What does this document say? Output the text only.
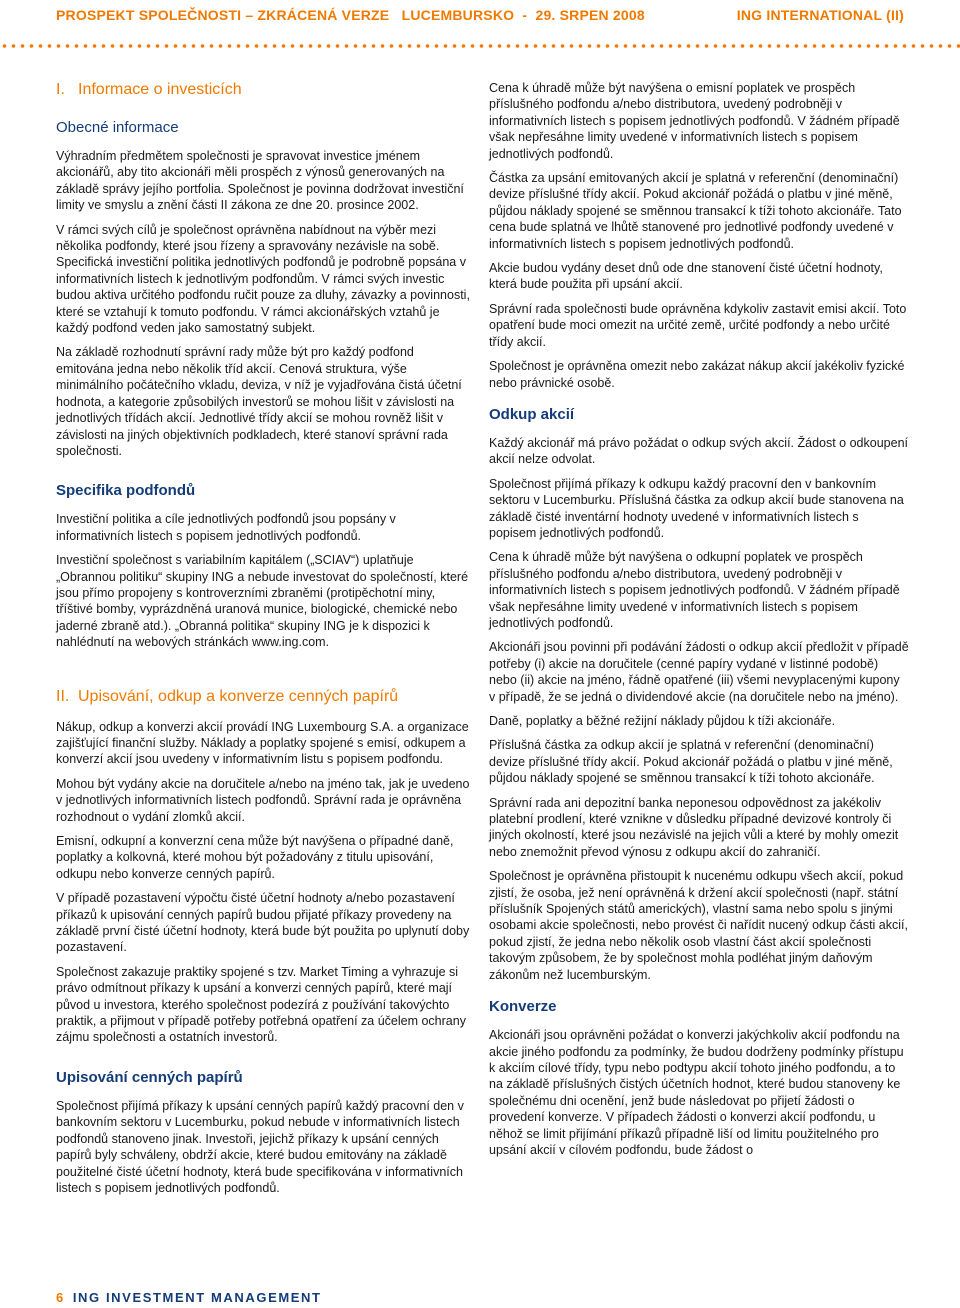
PROSPEKT SPOLEČNOSTI – ZKRÁCENÁ VERZE   LUCEMBURSKO  -  29. SRPEN 2008	ING INTERNATIONAL (II)
I. Informace o investicích
Obecné informace

Výhradním předmětem společnosti je spravovat investice jménem akcionářů, aby tito akcionáři měli prospěch z výnosů generovaných na základě správy jejího portfolia. Společnost je povinna dodržovat investiční limity ve smyslu a znění části II zákona ze dne 20. prosince 2002.

V rámci svých cílů je společnost oprávněna nabídnout na výběr mezi několika podfondy, které jsou řízeny a spravovány nezávisle na sobě. Specifická investiční politika jednotlivých podfondů je podrobně popsána v informativních listech k jednotlivým podfondům. V rámci svých investic budou aktiva určitého podfondu ručit pouze za dluhy, závazky a povinnosti, které se vztahují k tomuto podfondu. V rámci akcionářských vztahů je každý podfond veden jako samostatný subjekt.

Na základě rozhodnutí správní rady může být pro každý podfond emitována jedna nebo několik tříd akcií. Cenová struktura, výše minimálního počátečního vkladu, deviza, v níž je vyjadřována čistá účetní hodnota, a kategorie způsobilých investorů se mohou lišit v závislosti na jednotlivých třídách akcií. Jednotlivé třídy akcií se mohou rovněž lišit v závislosti na jiných objektivních podkladech, které stanoví správní rada společnosti.

Specifika podfondů

Investiční politika a cíle jednotlivých podfondů jsou popsány v informativních listech s popisem jednotlivých podfondů.

Investiční společnost s variabilním kapitálem („SCIAV“) uplatňuje „Obrannou politiku“ skupiny ING a nebude investovat do společností, které jsou přímo propojeny s kontroverzními zbraněmi (protipěchotní miny, tříštivé bomby, vyprázdněná uranová munice, biologické, chemické nebo jaderné zbraně atd.). „Obranná politika“ skupiny ING je k dispozici k nahlédnutí na webových stránkách www.ing.com.

II. Upisování, odkup a konverze cenných papírů

Nákup, odkup a konverzi akcií provádí ING Luxembourg S.A. a organizace zajišťující finanční služby. Náklady a poplatky spojené s emisí, odkupem a konverzí akcií jsou uvedeny v informativním listu s popisem podfondu.

Mohou být vydány akcie na doručitele a/nebo na jméno tak, jak je uvedeno v jednotlivých informativních listech podfondů. Správní rada je oprávněna rozhodnout o vydání zlomků akcií.

Emisní, odkupní a konverzní cena může být navýšena o případné daně, poplatky a kolkovná, které mohou být požadovány z titulu upisování, odkupu nebo konverze cenných papírů.

V případě pozastavení výpočtu čisté účetní hodnoty a/nebo pozastavení příkazů k upisování cenných papírů budou přijaté příkazy provedeny na základě první čisté účetní hodnoty, která bude být použita po uplynutí doby pozastavení.

Společnost zakazuje praktiky spojené s tzv. Market Timing a vyhrazuje si právo odmítnout příkazy k upsání a konverzi cenných papírů, které mají původ u investora, kterého společnost podezírá z používání takovýchto praktik, a přijmout v případě potřeby potřebná opatření za účelem ochrany zájmu společnosti a ostatních investorů.

Upisování cenných papírů

Společnost přijímá příkazy k upsání cenných papírů každý pracovní den v bankovním sektoru v Lucemburku, pokud nebude v informativních listech podfondů stanoveno jinak. Investoři, jejichž příkazy k upsání cenných papírů byly schváleny, obdrží akcie, které budou emitovány na základě použitelné čisté účetní hodnoty, která bude specifikována v informativních listech s popisem jednotlivých podfondů.

Cena k úhradě může být navýšena o emisní poplatek ve prospěch příslušného podfondu a/nebo distributora, uvedený podrobněji v informativních listech s popisem jednotlivých podfondů. V žádném případě však nepřesáhne limity uvedené v informativních listech s popisem jednotlivých podfondů.

Částka za upsání emitovaných akcií je splatná v referenční (denominační) devize příslušné třídy akcií. Pokud akcionář požádá o platbu v jiné měně, půjdou náklady spojené se směnnou transakcí k tíži tohoto akcionáře. Tato cena bude splatná ve lhůtě stanovené pro jednotlivé podfondy uvedené v informativních listech s popisem jednotlivých podfondů.

Akcie budou vydány deset dnů ode dne stanovení čisté účetní hodnoty, která bude použita při upsání akcií.

Správní rada společnosti bude oprávněna kdykoliv zastavit emisi akcií. Toto opatření bude moci omezit na určité země, určité podfondy a nebo určité třídy akcií.

Společnost je oprávněna omezit nebo zakázat nákup akcií jakékoliv fyzické nebo právnické osobě.

Odkup akcií

Každý akcionář má právo požádat o odkup svých akcií. Žádost o odkoupení akcií nelze odvolat.

Společnost přijímá příkazy k odkupu každý pracovní den v bankovním sektoru v Lucemburku. Příslušná částka za odkup akcií bude stanovena na základě čisté inventární hodnoty uvedené v informativních listech s popisem jednotlivých podfondů.

Cena k úhradě může být navýšena o odkupní poplatek ve prospěch příslušného podfondu a/nebo distributora, uvedený podrobněji v informativních listech s popisem jednotlivých podfondů. V žádném případě však nepřesáhne limity uvedené v informativních listech s popisem jednotlivých podfondů.

Akcionáři jsou povinni při podávání žádosti o odkup akcií předložit v případě potřeby (i) akcie na doručitele (cenné papíry vydané v listinné podobě) nebo (ii) akcie na jméno, řádně opatřené (iii) všemi nevyplacenými kupony v případě, že se jedná o dividendové akcie (na doručitele nebo na jméno).

Daně, poplatky a běžné režijní náklady půjdou k tíži akcionáře.

Příslušná částka za odkup akcií je splatná v referenční (denominační) devize příslušné třídy akcií. Pokud akcionář požádá o platbu v jiné měně, půjdou náklady spojené se směnnou transakcí k tíži tohoto akcionáře.

Správní rada ani depozitní banka neponesou odpovědnost za jakékoliv platební prodlení, které vznikne v důsledku případné devizové kontroly či jiných okolností, které jsou nezávislé na jejich vůli a které by mohly omezit nebo znemožnit převod výnosu z odkupu akcií do zahraničí.

Společnost je oprávněna přistoupit k nucenému odkupu všech akcií, pokud zjistí, že osoba, jež není oprávněná k držení akcií společnosti (např. státní příslušník Spojených států amerických), vlastní sama nebo spolu s jinými osobami akcie společnosti, nebo provést či nařídit nucený odkup části akcií, pokud zjistí, že jedna nebo několik osob vlastní část akcií společnosti takovým způsobem, že by společnost mohla podléhat jiným daňovým zákonům než lucemburským.

Konverze

Akcionáři jsou oprávněni požádat o konverzi jakýchkoliv akcií podfondu na akcie jiného podfondu za podmínky, že budou dodrženy podmínky přístupu k akciím cílové třídy, typu nebo podtypu akcií tohoto jiného podfondu, a to na základě příslušných čistých účetních hodnot, které budou stanoveny ke společnému dni ocenění, jenž bude následovat po přijetí žádosti o provedení konverze. V případech žádosti o konverzi akcií podfondu, u něhož se limit přijímání příkazů případně liší od limitu použitelného pro upsání akcií v cílovém podfondu, bude žádost o

6 ING INVESTMENT MANAGEMENT
